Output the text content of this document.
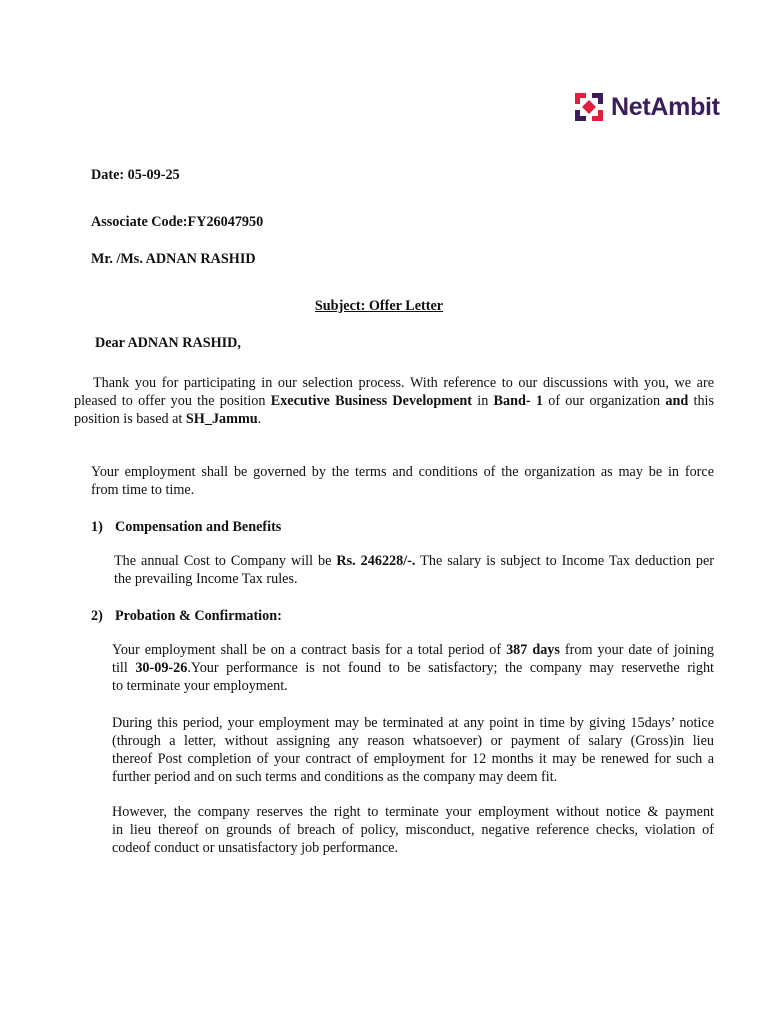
NetAmbit
Date: 05-09-25
Associate Code:FY26047950
Mr. /Ms. ADNAN RASHID
Subject: Offer Letter
Dear ADNAN RASHID,
Thank you for participating in our selection process. With reference to our discussions with you, we are
pleased to offer you the position Executive Business Development in Band- 1 of our organization and this
position is based at SH_Jammu.
Your employment shall be governed by the terms and conditions of the organization as may be in force
from time to time.
1) Compensation and Benefits
The annual Cost to Company will be Rs. 246228/-. The salary is subject to Income Tax deduction per
the prevailing Income Tax rules.
2) Probation & Confirmation:
Your employment shall be on a contract basis for a total period of 387 days from your date of joining
till 30-09-26.Your performance is not found to be satisfactory; the company may reservethe right
to terminate your employment.
During this period, your employment may be terminated at any point in time by giving 15days’ notice
(through a letter, without assigning any reason whatsoever) or payment of salary (Gross)in lieu
thereof Post completion of your contract of employment for 12 months it may be renewed for such a
further period and on such terms and conditions as the company may deem fit.
However, the company reserves the right to terminate your employment without notice & payment
in lieu thereof on grounds of breach of policy, misconduct, negative reference checks, violation of
codeof conduct or unsatisfactory job performance.
